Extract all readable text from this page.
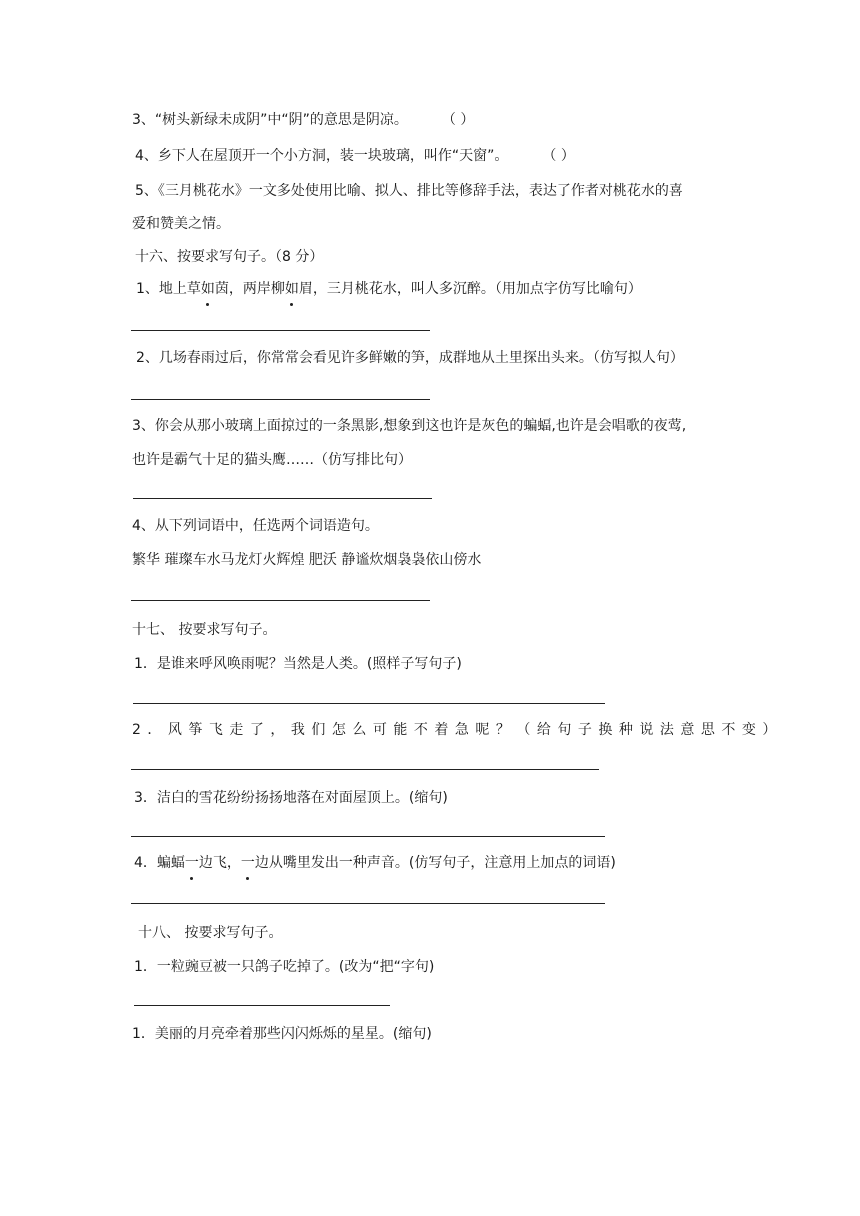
3、“树头新绿未成阴”中“阴”的意思是阴凉。 （ ）
4、乡下人在屋顶开一个小方洞，装一块玻璃，叫作“天窗”。 （ ）
5、《三月桃花水》一文多处使用比喻、拟人、排比等修辞手法，表达了作者对桃花水的喜
爱和赞美之情。
十六、按要求写句子。（8 分）
1、地上草如茵，两岸柳如眉，三月桃花水，叫人多沉醉。（用加点字仿写比喻句）
2、几场春雨过后，你常常会看见许多鲜嫩的笋，成群地从土里探出头来。（仿写拟人句）
3、你会从那小玻璃上面掠过的一条黑影,想象到这也许是灰色的蝙蝠,也许是会唱歌的夜莺,
也许是霸气十足的猫头鹰……（仿写排比句）
4、从下列词语中，任选两个词语造句。
繁华 璀璨车水马龙灯火辉煌 肥沃 静谧炊烟袅袅依山傍水
十七、 按要求写句子。
1．是谁来呼风唤雨呢？当然是人类。(照样子写句子)
2．风筝飞走了，我们怎么可能不着急呢？（给句子换种说法意思不变）
3．洁白的雪花纷纷扬扬地落在对面屋顶上。(缩句)
4．蝙蝠一边飞，一边从嘴里发出一种声音。(仿写句子，注意用上加点的词语)
十八、 按要求写句子。
1．一粒豌豆被一只鸽子吃掉了。(改为“把“字句)
1．美丽的月亮牵着那些闪闪烁烁的星星。(缩句)
